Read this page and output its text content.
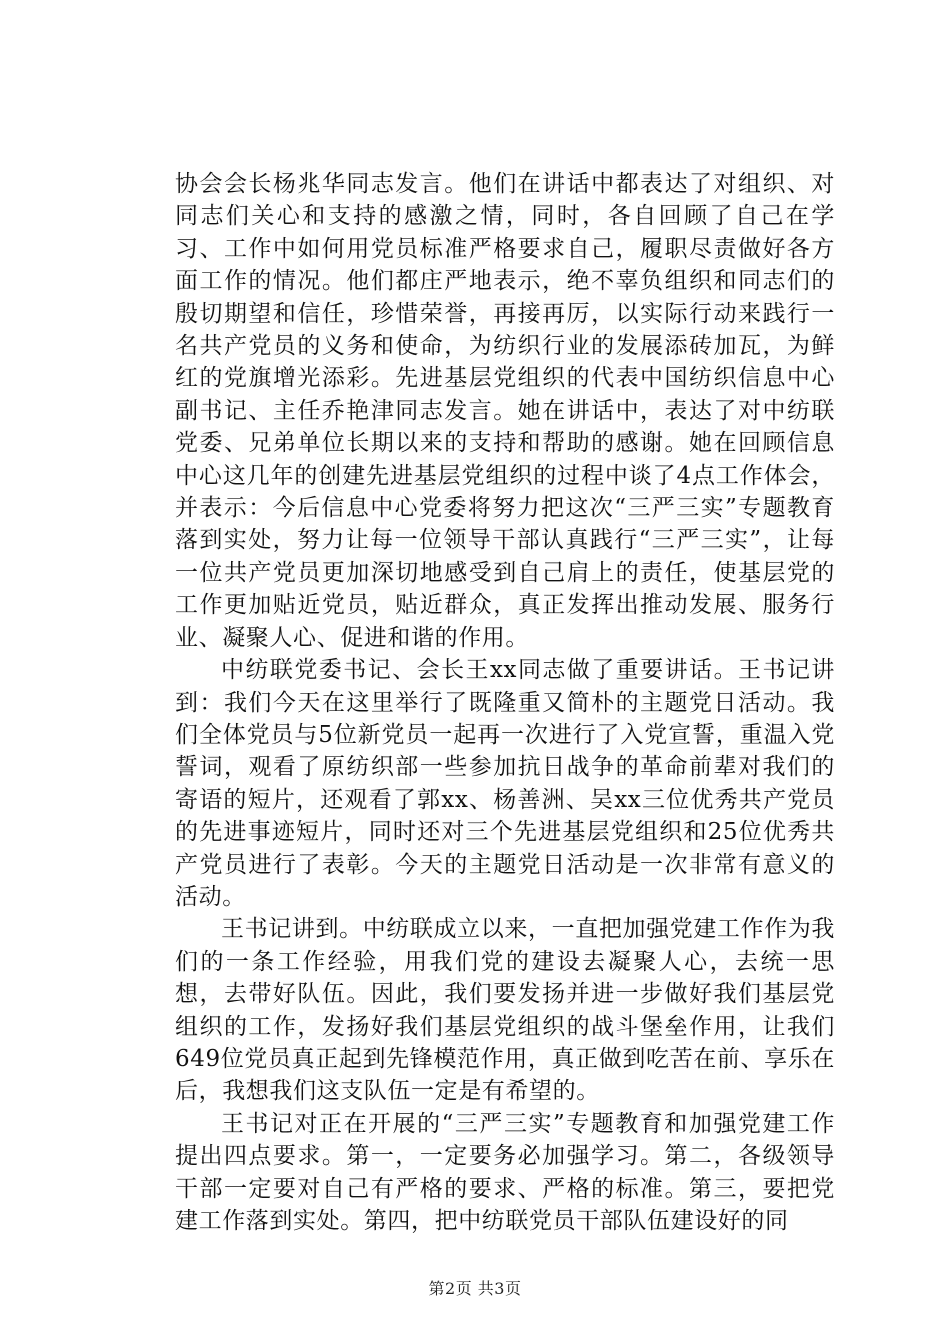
协会会长杨兆华同志发言。他们在讲话中都表达了对组织、对同志们关心和支持的感激之情，同时，各自回顾了自己在学习、工作中如何用党员标准严格要求自己，履职尽责做好各方面工作的情况。他们都庄严地表示，绝不辜负组织和同志们的殷切期望和信任，珍惜荣誉，再接再厉，以实际行动来践行一名共产党员的义务和使命，为纺织行业的发展添砖加瓦，为鲜红的党旗增光添彩。先进基层党组织的代表中国纺织信息中心副书记、主任乔艳津同志发言。她在讲话中，表达了对中纺联党委、兄弟单位长期以来的支持和帮助的感谢。她在回顾信息中心这几年的创建先进基层党组织的过程中谈了4点工作体会，并表示：今后信息中心党委将努力把这次“三严三实”专题教育落到实处，努力让每一位领导干部认真践行“三严三实”，让每一位共产党员更加深切地感受到自己肩上的责任，使基层党的工作更加贴近党员，贴近群众，真正发挥出推动发展、服务行业、凝聚人心、促进和谐的作用。

中纺联党委书记、会长王xx同志做了重要讲话。王书记讲到：我们今天在这里举行了既隆重又简朴的主题党日活动。我们全体党员与5位新党员一起再一次进行了入党宣誓，重温入党誓词，观看了原纺织部一些参加抗日战争的革命前辈对我们的寄语的短片，还观看了郭xx、杨善洲、吴xx三位优秀共产党员的先进事迹短片，同时还对三个先进基层党组织和25位优秀共产党员进行了表彰。今天的主题党日活动是一次非常有意义的活动。

王书记讲到。中纺联成立以来，一直把加强党建工作作为我们的一条工作经验，用我们党的建设去凝聚人心，去统一思想，去带好队伍。因此，我们要发扬并进一步做好我们基层党组织的工作，发扬好我们基层党组织的战斗堡垒作用，让我们649位党员真正起到先锋模范作用，真正做到吃苦在前、享乐在后，我想我们这支队伍一定是有希望的。

王书记对正在开展的“三严三实”专题教育和加强党建工作提出四点要求。第一，一定要务必加强学习。第二，各级领导干部一定要对自己有严格的要求、严格的标准。第三，要把党建工作落到实处。第四，把中纺联党员干部队伍建设好的同

第2页 共3页
